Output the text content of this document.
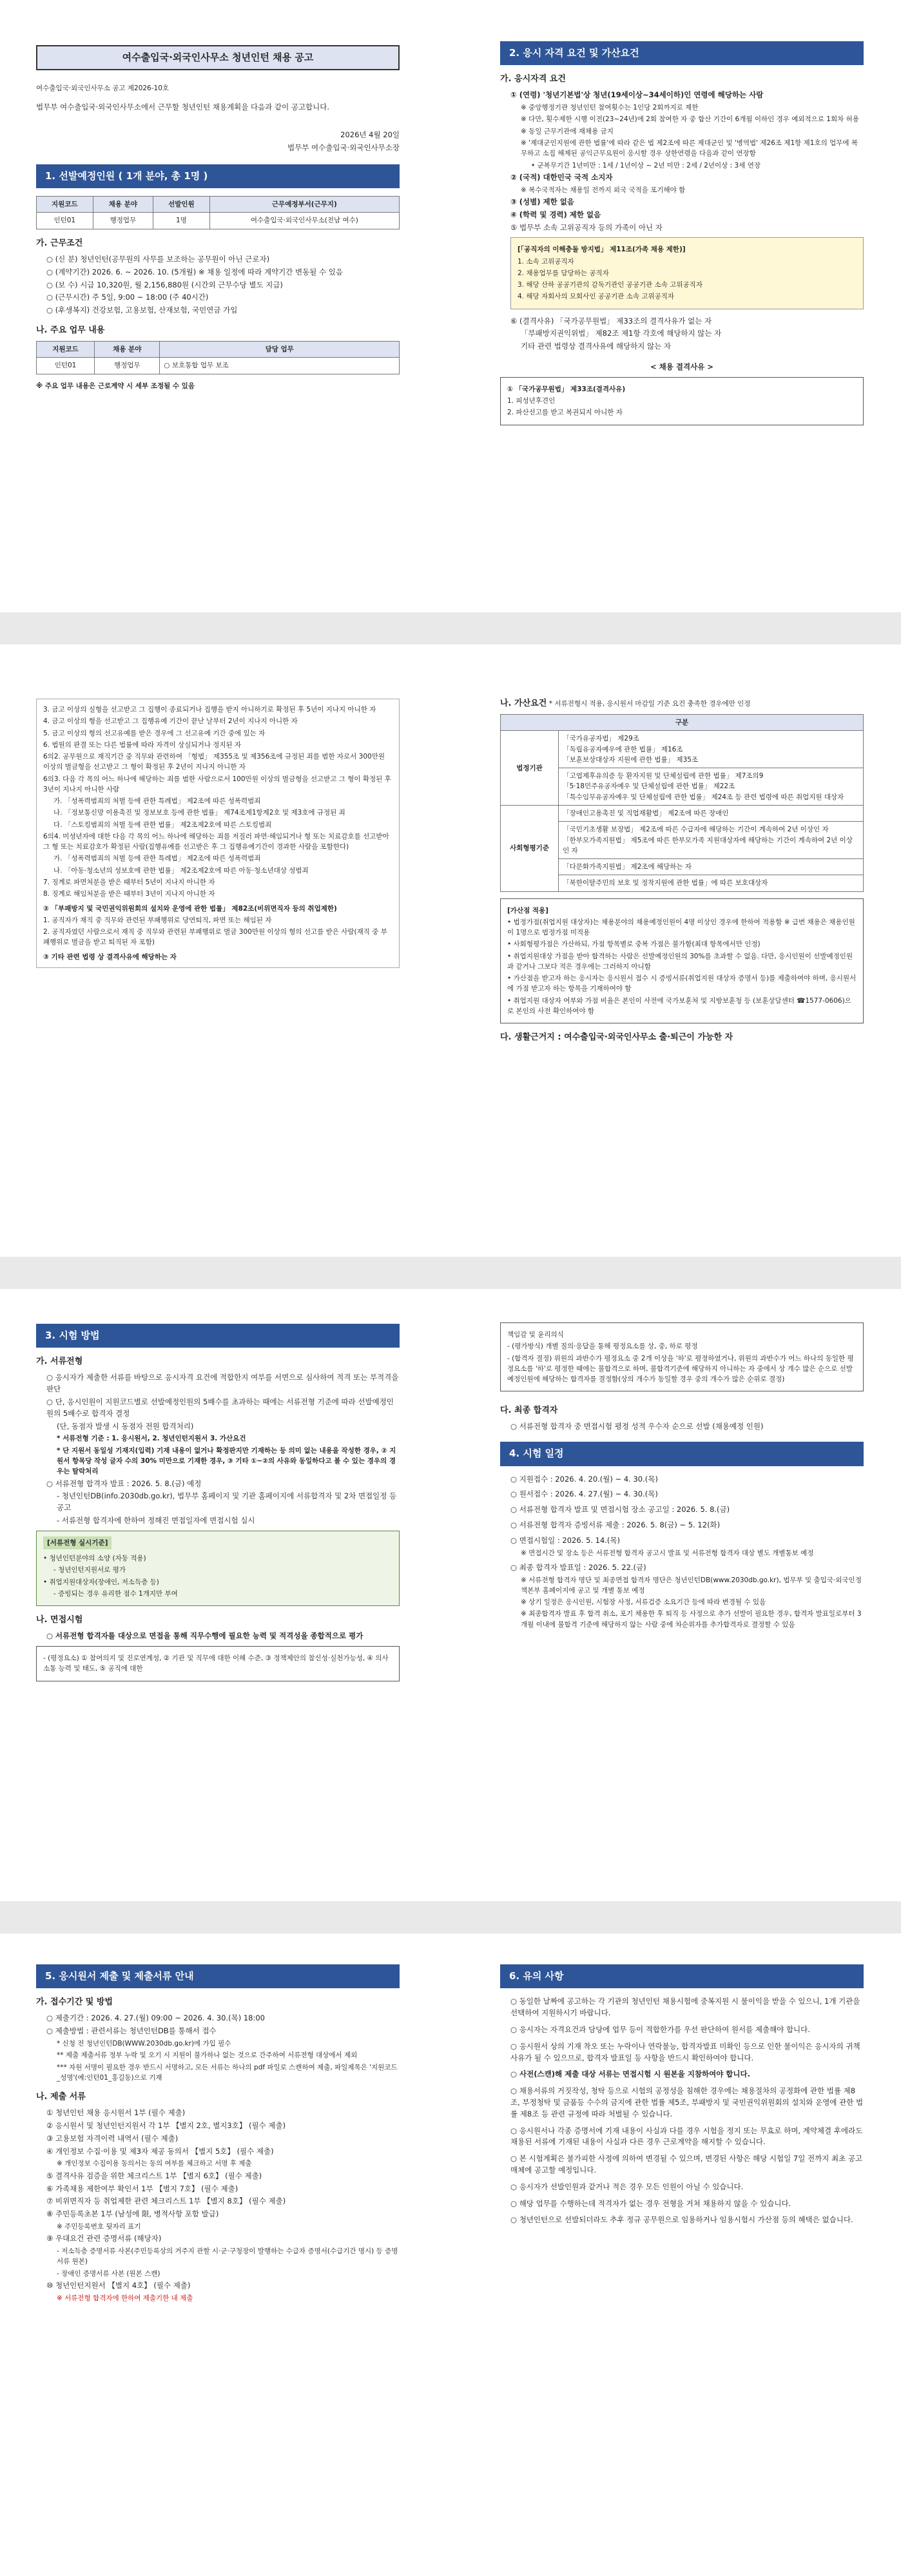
여수출입국·외국인사무소 청년인턴 채용 공고

여수출입국·외국인사무소 공고 제2026-10호

법무부 여수출입국·외국인사무소에서 근무할 청년인턴 채용계획을 다음과 같이 공고합니다.

2026년 4월 20일

법무부 여수출입국·외국인사무소장

1. 선발예정인원 ( 1개 분야, 총 1명 )
지원코드	채용 분야	선발인원	근무예정부서(근무지)
인턴01	행정업무	1명	여수출입국·외국인사무소(전남 여수)
가. 근무조건

○ (신 분) 청년인턴(공무원의 사무를 보조하는 공무원이 아닌 근로자)

○ (계약기간) 2026. 6. ~ 2026. 10. (5개월) ※ 채용 일정에 따라 계약기간 변동될 수 있음

○ (보 수) 시급 10,320원, 월 2,156,880원 (시간외 근무수당 별도 지급)

○ (근무시간) 주 5일, 9:00 ~ 18:00 (주 40시간)

○ (후생복지) 건강보험, 고용보험, 산재보험, 국민연금 가입

나. 주요 업무 내용
지원코드	채용 분야	담당 업무
인턴01	행정업무	○ 보호통합 업무 보조

※ 주요 업무 내용은 근로계약 시 세부 조정될 수 있음

2. 응시 자격 요건 및 가산요건
가. 응시자격 요건

① (연령) '청년기본법'상 청년(19세이상~34세이하)인 연령에 해당하는 사람

※ 중앙행정기관 청년인턴 참여횟수는 1인당 2회까지로 제한

※ 다만, 횟수제한 시행 이전(23~24년)에 2회 참여한 자 중 합산 기간이 6개월 이하인 경우 예외적으로 1회차 허용

※ 동일 근무기관에 재채용 금지

※ '제대군인지원에 관한 법률'에 따라 같은 법 제2조에 따른 제대군인 및 '병역법' 제26조 제1항 제1호의 업무에 복무하고 소집 해제된 공익근무요원이 응시할 경우 상한연령을 다음과 같이 연장함

• 군복무기간 1년미만 : 1세 / 1년이상 ~ 2년 미만 : 2세 / 2년이상 : 3세 연장

② (국적) 대한민국 국적 소지자

※ 복수국적자는 채용일 전까지 외국 국적을 포기해야 함

③ (성별) 제한 없음

④ (학력 및 경력) 제한 없음

⑤ 법무부 소속 고위공직자 등의 가족이 아닌 자

[「공직자의 이해충돌 방지법」 제11조(가족 채용 제한)]

1. 소속 고위공직자

2. 채용업무를 담당하는 공직자

3. 해당 산하 공공기관의 감독기관인 공공기관 소속 고위공직자

4. 해당 자회사의 모회사인 공공기관 소속 고위공직자

⑥ (결격사유) 「국가공무원법」 제33조의 결격사유가 없는 자

「부패방지권익위법」 제82조 제1항 각호에 해당하지 않는 자

기타 관련 법령상 결격사유에 해당하지 않는 자

< 채용 결격사유 >

① 「국가공무원법」 제33조(결격사유)

1. 피성년후견인

2. 파산선고를 받고 복권되지 아니한 자

3. 금고 이상의 실형을 선고받고 그 집행이 종료되거나 집행을 받지 아니하기로 확정된 후 5년이 지나지 아니한 자

4. 금고 이상의 형을 선고받고 그 집행유예 기간이 끝난 날부터 2년이 지나지 아니한 자

5. 금고 이상의 형의 선고유예를 받은 경우에 그 선고유예 기간 중에 있는 자

6. 법원의 판결 또는 다른 법률에 따라 자격이 상실되거나 정지된 자

6의2. 공무원으로 재직기간 중 직무와 관련하여 「형법」 제355조 및 제356조에 규정된 죄를 범한 자로서 300만원 이상의 벌금형을 선고받고 그 형이 확정된 후 2년이 지나지 아니한 자

6의3. 다음 각 목의 어느 하나에 해당하는 죄를 범한 사람으로서 100만원 이상의 벌금형을 선고받고 그 형이 확정된 후 3년이 지나지 아니한 사람

가. 「성폭력범죄의 처벌 등에 관한 특례법」 제2조에 따른 성폭력범죄

나. 「정보통신망 이용촉진 및 정보보호 등에 관한 법률」 제74조제1항제2호 및 제3호에 규정된 죄

다. 「스토킹범죄의 처벌 등에 관한 법률」 제2조제2호에 따른 스토킹범죄

6의4. 미성년자에 대한 다음 각 목의 어느 하나에 해당하는 죄를 저질러 파면·해임되거나 형 또는 치료감호를 선고받아 그 형 또는 치료감호가 확정된 사람(집행유예를 선고받은 후 그 집행유예기간이 경과한 사람을 포함한다)

가. 「성폭력범죄의 처벌 등에 관한 특례법」 제2조에 따른 성폭력범죄

나. 「아동·청소년의 성보호에 관한 법률」 제2조제2호에 따른 아동·청소년대상 성범죄

7. 징계로 파면처분을 받은 때부터 5년이 지나지 아니한 자

8. 징계로 해임처분을 받은 때부터 3년이 지나지 아니한 자

② 「부패방지 및 국민권익위원회의 설치와 운영에 관한 법률」 제82조(비위면직자 등의 취업제한)

1. 공직자가 재직 중 직무와 관련된 부패행위로 당연퇴직, 파면 또는 해임된 자

2. 공직자였던 사람으로서 재직 중 직무와 관련된 부패행위로 벌금 300만원 이상의 형의 선고를 받은 사람(재직 중 부패행위로 벌금을 받고 퇴직된 자 포함)

③ 기타 관련 법령 상 결격사유에 해당하는 자

나. 가산요건 * 서류전형시 적용, 응시원서 마감일 기준 요건 충족한 경우에만 인정

구분	
법정기관	「국가유공자법」 제29조
「독립유공자예우에 관한 법률」 제16조
「보훈보상대상자 지원에 관한 법률」 제35조
	「고엽제후유의증 등 환자지원 및 단체설립에 관한 법률」 제7조의9
「5·18민주유공자예우 및 단체설립에 관한 법률」 제22조
「특수임무유공자예우 및 단체설립에 관한 법률」 제24조 등 관련 법령에 따른 취업지원 대상자
사회형평기준	「장애인고용촉진 및 직업재활법」 제2조에 따른 장애인
	「국민기초생활 보장법」 제2조에 따른 수급자에 해당하는 기간이 계속하여 2년 이상인 자
「한부모가족지원법」 제5조에 따른 한부모가족 지원대상자에 해당하는 기간이 계속하여 2년 이상인 자
	「다문화가족지원법」 제2조에 해당하는 자
	「북한이탈주민의 보호 및 정착지원에 관한 법률」에 따른 보호대상자

[가산점 적용]

• 법정가점(취업지원 대상자)는 채용분야의 채용예정인원이 4명 이상인 경우에 한하여 적용함 ※ 급번 채용은 채용인원이 1명으로 법정가점 미적용

• 사회형평가점은 가산하되, 가점 항목별로 중복 가점은 불가함(최대 항목에서만 인정)

• 취업지원대상 가점을 받아 합격하는 사람은 선발예정인원의 30%를 초과할 수 없음. 다만, 응시인원이 선발예정인원과 같거나 그보다 적은 경우에는 그러하지 아니함

• 가산점을 받고자 하는 응시자는 응시원서 접수 시 증빙서류(취업지원 대상자 증명서 등)를 제출하여야 하며, 응시원서에 가점 받고자 하는 항목을 기재하여야 함

• 취업지원 대상자 여부와 가점 비율은 본인이 사전에 국가보훈처 및 지방보훈청 등 (보훈상담센터 ☎1577-0606)으로 본인의 사전 확인하여야 함

다. 생활근거지 : 여수출입국·외국인사무소 출·퇴근이 가능한 자

3. 시험 방법
가. 서류전형

○ 응시자가 제출한 서류를 바탕으로 응시자격 요건에 적합한지 여부를 서면으로 심사하여 적격 또는 부적격을 판단

○ 단, 응시인원이 지원코드별로 선발예정인원의 5배수를 초과하는 때에는 서류전형 기준에 따라 선발예정인원의 5배수로 합격자 결정

(단, 동점자 발생 시 동점자 전원 합격처리)

* 서류전형 기준 : 1. 응시원서, 2. 청년인턴지원서 3. 가산요건

* 단 지원서 동일성 기재지(입력) 기재 내용이 없거나 확정판지만 기재하는 등 의미 없는 내용을 작성한 경우, ② 지원서 항목당 작성 글자 수의 30% 미만으로 기재한 경우, ③ 기타 ①~②의 사유와 동일하다고 볼 수 있는 경우의 경우는 탈락처리

○ 서류전형 합격자 발표 : 2026. 5. 8.(금) 예정

- 청년인턴DB(info.2030db.go.kr), 법무부 홈페이지 및 기관 홈페이지에 서류합격자 및 2차 면접일정 등 공고

- 서류전형 합격자에 한하여 정해진 면접일자에 면접시험 실시

[서류전형 실시기준]

• 청년인턴분야의 소양 (자동 적용)

- 청년인턴지원서로 평가

• 취업지원대상자(장애인, 저소득층 등)

- 증빙되는 경우 유리한 점수 1개지만 부여

나. 면접시험

○ 서류전형 합격자를 대상으로 면접을 통해 직무수행에 필요한 능력 및 적격성을 종합적으로 평가

- (평정요소) ① 참여의지 및 진로연계성, ② 기관 및 직무에 대한 이해 수준, ③ 정책제안의 참신성·실천가능성, ④ 의사소통 능력 및 태도, ⑤ 공직에 대한

책임감 및 윤리의식

- (평가방식) 개별 질의·응답을 통해 평정요소를 상, 중, 하로 평정

- (합격자 결정) 위원의 과반수가 평정요소 중 2개 이상을 '하'로 평정하였거나, 위원의 과반수가 어느 하나의 동일한 평정요소를 '하'로 평정한 때에는 불합격으로 하며, 불합격기준에 해당하지 아니하는 자 중에서 상 개수 많은 순으로 선발예정인원에 해당하는 합격자를 결정함(상의 개수가 동일할 경우 중의 개수가 많은 순위로 결정)

다. 최종 합격자

○ 서류전형 합격자 중 면접시험 평정 성적 우수자 순으로 선발 (채용예정 인원)

4. 시험 일정

○ 지원접수 : 2026. 4. 20.(월) ~ 4. 30.(목)

○ 원서접수 : 2026. 4. 27.(월) ~ 4. 30.(목)

○ 서류전형 합격자 발표 및 면접시험 장소 공고일 : 2026. 5. 8.(금)

○ 서류전형 합격자 증빙서류 제출 : 2026. 5. 8(금) ~ 5. 12(화)

○ 면접시험일 : 2026. 5. 14.(목)

※ 면접시간 및 장소 등은 서류전형 합격자 공고시 발표 및 서류전형 합격자 대상 별도 개별통보 예정

○ 최종 합격자 발표일 : 2026. 5. 22.(금)

※ 서류전형 합격자 명단 및 최종면접 합격자 명단은 청년인턴DB(www.2030db.go.kr), 법무부 및 출입국·외국인정책본부 홈페이지에 공고 및 개별 통보 예정

※ 상기 일정은 응시인원, 시험장 사정, 서류검증 소요기간 등에 따라 변경될 수 있음

※ 최종합격자 발표 후 합격 취소, 포기 채용한 후 퇴직 등 사정으로 추가 선발이 필요한 경우, 합격자 발표일로부터 3개월 이내에 불합격 기준에 해당하지 않는 사람 중에 차순위자를 추가합격자로 결정할 수 있음

5. 응시원서 제출 및 제출서류 안내
가. 접수기간 및 방법

○ 제출기간 : 2026. 4. 27.(월) 09:00 ~ 2026. 4. 30.(목) 18:00

○ 제출방법 : 관련서류는 청년인턴DB를 통해서 접수

* 신청 전 청년인턴DB(WWW.2030db.go.kr)에 가입 필수

** 제출 제출서류 정부 누락 및 오기 시 지원이 불가하나 없는 것으로 간주하여 서류전형 대상에서 제외

*** 자원 서명이 필요한 경우 반드시 서명하고, 모든 서류는 하나의 pdf 파일로 스캔하여 제출, 파일제목은 '지원코드_성명'(예:인턴01_홍길동)으로 기재

나. 제출 서류

① 청년인턴 채용 응시원서 1부 (필수 제출)

② 응시원서 및 청년인턴지원서 각 1부 【별지 2호, 별지3호】 (필수 제출)

③ 고용보험 자격이력 내역서 (필수 제출)

④ 개인정보 수집·이용 및 제3자 제공 동의서 【별지 5호】 (필수 제출)

※ 개인정보 수집이용 동의서는 동의 여부를 체크하고 서명 후 제출

⑤ 결격사유 검증을 위한 체크리스트 1부 【별지 6호】 (필수 제출)

⑥ 가족채용 제한여부 확인서 1부 【별지 7호】 (필수 제출)

⑦ 비위면직자 등 취업제한 관련 체크리스트 1부 【별지 8호】 (필수 제출)

⑧ 주민등록초본 1부 (남성에 限, 병적사항 포함 발급)

※ 주민등록번호 뒷자리 표기

⑨ 우대요건 관련 증명서류 (해당자)

- 저소득층 증명서류 사본(주민등록상의 거주지 관할 시·군·구청장이 발행하는 수급자 증명서(수급기간 명시) 등 증명서류 원본)

- 장애인 증명서류 사본 (원본 스캔)

⑩ 청년인턴지원서 【별지 4호】 (필수 제출)

※ 서류전형 합격자에 한하여 제출기한 내 제출

6. 유의 사항

○ 동일한 날짜에 공고하는 각 기관의 청년인턴 채용시험에 중복지원 시 불이익을 받을 수 있으니, 1개 기관을 선택하여 지원하시기 바랍니다.

○ 응시자는 자격요건과 담당에 업무 등이 적합한가를 우선 판단하여 원서를 제출해야 합니다.

○ 응시원서 상의 기재 착오 또는 누락이나 연락불능, 합격자발표 미확인 등으로 인한 불이익은 응시자의 귀책사유가 될 수 있으므로, 합격자 발표일 등 사항을 반드시 확인하여야 합니다.

○ 사전(스캔)해 제출 대상 서류는 면접시험 시 원본을 지참하여야 합니다.

○ 채용서류의 거짓작성, 청탁 등으로 시험의 공정성을 침해한 경우에는 채용절차의 공정화에 관한 법률 제8조, 부정청탁 및 금품등 수수의 금지에 관한 법률 제5조, 부패방지 및 국민권익위원회의 설치와 운영에 관한 법률 제8조 등 관련 규정에 따라 처벌될 수 있습니다.

○ 응시원서나 각종 증명서에 기재 내용이 사실과 다를 경우 시험을 정지 또는 무효로 하며, 계약체결 후에라도 채용된 서류에 기재된 내용이 사실과 다른 경우 근로계약을 해지할 수 있습니다.

○ 본 시험계획은 불가피한 사정에 의하여 변경될 수 있으며, 변경된 사항은 해당 시험일 7일 전까지 최초 공고매체에 공고할 예정입니다.

○ 응시자가 선발인원과 같거나 적은 경우 모든 인원이 아닐 수 있습니다.

○ 해당 업무를 수행하는데 적격자가 없는 경우 전형을 거쳐 채용하지 않을 수 있습니다.

○ 청년인턴으로 선발되더라도 추후 정규 공무원으로 임용하거나 임용시험시 가산점 등의 혜택은 없습니다.
